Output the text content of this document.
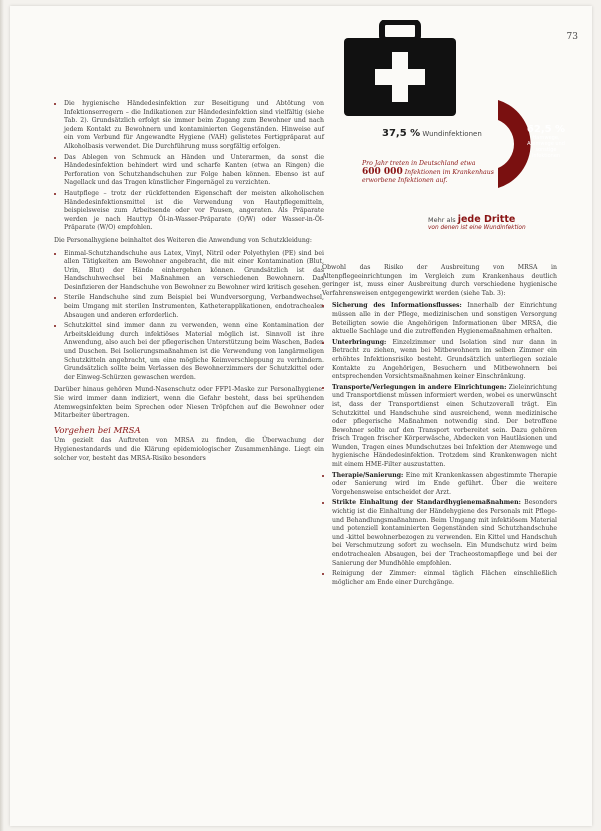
73
• Die hygienische Händedesinfektion zur Beseitigung und Abtötung von Infektionserregern – die Indikationen zur Händedesinfektion sind vielfältig (siehe Tab. 2). Grundsätzlich erfolgt sie immer beim Zugang zum Bewohner und nach jedem Kontakt zu Bewohnern und kontaminierten Gegenständen. Hinweise auf ein vom Verbund für Angewandte Hygiene (VAH) gelistetes Fertigpräparat auf Alkoholbasis verwendet. Die Durchführung muss sorgfältig erfolgen.
• Das Ablegen von Schmuck an Händen und Unterarmen, da sonst die Händedesinfektion behindert wird und scharfe Kanten (etwa an Ringen) die Perforation von Schutzhandschuhen zur Folge haben können. Ebenso ist auf Nagellack und das Tragen künstlicher Fingernägel zu verzichten.
• Hautpflege – trotz der rückfettenden Eigenschaft der meisten alkoholischen Händedesinfektionsmittel ist die Verwendung von Hautpflegemitteln, beispielsweise zum Arbeitsende oder vor Pausen, angeraten. Als Präparate werden je nach Hauttyp Öl-in-Wasser-Präparate (O/W) oder Wasser-in-Öl-Präparate (W/O) empfohlen.

Die Personalhygiene beinhaltet des Weiteren die Anwendung von Schutzkleidung:

• Einmal-Schutzhandschuhe aus Latex, Vinyl, Nitril oder Polyethylen (PE) sind bei allen Tätigkeiten am Bewohner angebracht, die mit einer Kontamination (Blut, Urin, Blut) der Hände einhergehen können. Grundsätzlich ist das Handschuhwechsel bei Maßnahmen an verschiedenen Bewohnern. Das Desinfizieren der Handschuhe von Bewohner zu Bewohner wird kritisch gesehen.
• Sterile Handschuhe sind zum Beispiel bei Wundversorgung, Verbandwechsel, beim Umgang mit sterilen Instrumenten, Katheterapplikationen, endotrachealen Absaugen und anderen erforderlich.
• Schutzkittel sind immer dann zu verwenden, wenn eine Kontamination der Arbeitskleidung durch infektiöses Material möglich ist. Sinnvoll ist ihre Anwendung, also auch bei der pflegerischen Unterstützung beim Waschen, Baden und Duschen. Bei Isolierungsmaßnahmen ist die Verwendung von langärmeligen Schutzkitteln angebracht, um eine mögliche Keimverschleppung zu verhindern. Grundsätzlich sollte beim Verlassen des Bewohnerzimmers der Schutzkittel oder der Einweg-Schürzen gewaschen werden.

Darüber hinaus gehören Mund-Nasenschutz oder FFP1-Maske zur Personalhygiene. Sie wird immer dann indiziert, wenn die Gefahr besteht, dass bei sprühenden Atemwegsinfekten beim Sprechen oder Niesen Tröpfchen auf die Bewohner oder Mitarbeiter übertragen.

Vorgehen bei MRSA

Um gezielt das Auftreten von MRSA zu finden, die Überwachung der Hygienestandards und die Klärung epidemiologischer Zusammenhänge. Liegt ein solcher vor, besteht das MRSA-Risiko besonders

37,5 % Wundinfektionen	62,5 %
Harnwege, Atemwege und sonstige Infektionen
Pro Jahr treten in Deutschland etwa
600 000 Infektionen im Krankenhaus erworbene Infektionen auf.
Mehr als jede Dritte
von denen ist eine Wundinfektion

Obwohl das Risiko der Ausbreitung von MRSA in Altenpflegeeinrichtungen im Vergleich zum Krankenhaus deutlich geringer ist, muss einer Ausbreitung durch verschiedene hygienische Verfahrensweisen entgegengewirkt werden (siehe Tab. 3):

• Sicherung des Informationsflusses: Innerhalb der Einrichtung müssen alle in der Pflege, medizinischen und sonstigen Versorgung Beteiligten sowie die Angehörigen Informationen über MRSA, die aktuelle Sachlage und die zutreffenden Hygienemaßnahmen erhalten.
• Unterbringung: Einzelzimmer und Isolation sind nur dann in Betracht zu ziehen, wenn bei Mitbewohnern im selben Zimmer ein erhöhtes Infektionsrisiko besteht. Grundsätzlich unterliegen soziale Kontakte zu Angehörigen, Besuchern und Mitbewohnern bei entsprechenden Vorsichtsmaßnahmen keiner Einschränkung.
• Transporte/Verlegungen in andere Einrichtungen: Zieleinrichtung und Transportdienst müssen informiert werden, wobei es unerwünscht ist, dass der Transportdienst einen Schutzoverall trägt. Ein Schutzkittel und Handschuhe sind ausreichend, wenn medizinische oder pflegerische Maßnahmen notwendig sind. Der betroffene Bewohner sollte auf den Transport vorbereitet sein. Dazu gehören frisch Tragen frischer Körperwäsche, Abdecken von Hautläsionen und Wunden, Tragen eines Mundschutzes bei Infektion der Atemwege und hygienische Händedesinfektion. Trotzdem sind Krankenwagen nicht mit einem HME-Filter auszustatten.
• Therapie/Sanierung: Eine mit Krankenkassen abgestimmte Therapie oder Sanierung wird im Ende geführt. Über die weitere Vorgehensweise entscheidet der Arzt.
• Strikte Einhaltung der Standardhygienemaßnahmen: Besonders wichtig ist die Einhaltung der Händehygiene des Personals mit Pflege- und Behandlungsmaßnahmen. Beim Umgang mit infektiösem Material und potenziell kontaminierten Gegenständen sind Schutzhandschuhe und -kittel bewohnerbezogen zu verwenden. Ein Kittel und Handschuh bei Verschmutzung sofort zu wechseln. Ein Mundschutz wird beim endotrachealen Absaugen, bei der Tracheostomapflege und bei der Sanierung der Mundhöhle empfohlen.
• Reinigung der Zimmer: einmal täglich Flächen einschließlich möglicher am Ende einer Durchgänge.
